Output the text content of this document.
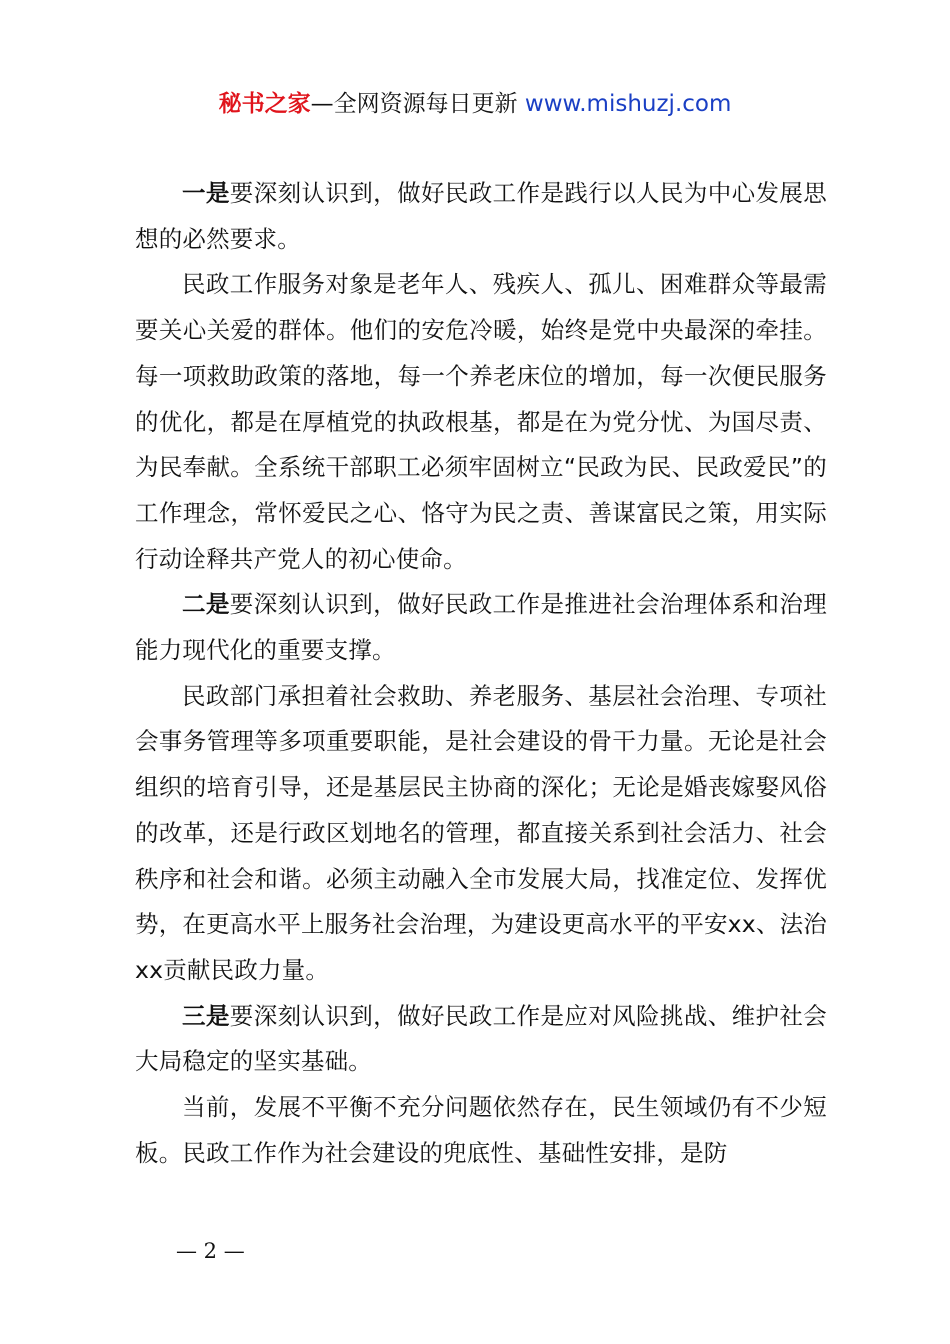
秘书之家—全网资源每日更新 www.mishuzj.com

一是要深刻认识到，做好民政工作是践行以人民为中心发展思想的必然要求。

民政工作服务对象是老年人、残疾人、孤儿、困难群众等最需要关心关爱的群体。他们的安危冷暖，始终是党中央最深的牵挂。每一项救助政策的落地，每一个养老床位的增加，每一次便民服务的优化，都是在厚植党的执政根基，都是在为党分忧、为国尽责、为民奉献。全系统干部职工必须牢固树立“民政为民、民政爱民”的工作理念，常怀爱民之心、恪守为民之责、善谋富民之策，用实际行动诠释共产党人的初心使命。

二是要深刻认识到，做好民政工作是推进社会治理体系和治理能力现代化的重要支撑。

民政部门承担着社会救助、养老服务、基层社会治理、专项社会事务管理等多项重要职能，是社会建设的骨干力量。无论是社会组织的培育引导，还是基层民主协商的深化；无论是婚丧嫁娶风俗的改革，还是行政区划地名的管理，都直接关系到社会活力、社会秩序和社会和谐。必须主动融入全市发展大局，找准定位、发挥优势，在更高水平上服务社会治理，为建设更高水平的平安xx、法治xx贡献民政力量。

三是要深刻认识到，做好民政工作是应对风险挑战、维护社会大局稳定的坚实基础。

当前，发展不平衡不充分问题依然存在，民生领域仍有不少短板。民政工作作为社会建设的兜底性、基础性安排，是防

— 2 —
